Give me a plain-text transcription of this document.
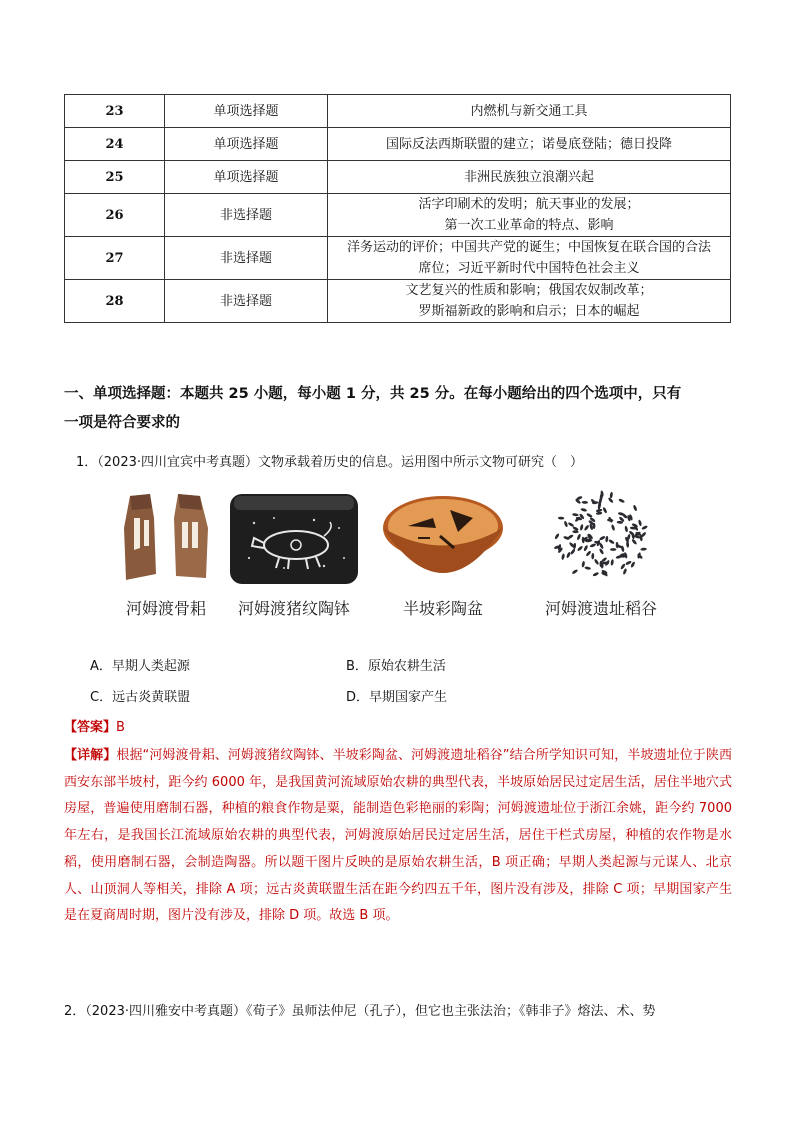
23	单项选择题	内燃机与新交通工具

24	单项选择题	国际反法西斯联盟的建立；诺曼底登陆；德日投降

25	单项选择题	非洲民族独立浪潮兴起

26	非选择题	活字印刷术的发明；航天事业的发展；
第一次工业革命的特点、影响

27	非选择题	洋务运动的评价；中国共产党的诞生；中国恢复在联合国的合法
席位；习近平新时代中国特色社会主义

28	非选择题	文艺复兴的性质和影响；俄国农奴制改革；
罗斯福新政的影响和启示；日本的崛起
一、单项选择题：本题共 25 小题，每小题 1 分，共 25 分。在每小题给出的四个选项中，只有
一项是符合要求的
1．（2023·四川宜宾中考真题）文物承载着历史的信息。运用图中所示文物可研究（　）
河姆渡骨耜	河姆渡猪纹陶钵	半坡彩陶盆	河姆渡遗址稻谷
A．早期人类起源	B．原始农耕生活
C．远古炎黄联盟	D．早期国家产生
【答案】B
【详解】根据“河姆渡骨耜、河姆渡猪纹陶钵、半坡彩陶盆、河姆渡遗址稻谷”结合所学知识可知，半坡遗址位于陕西西安东部半坡村，距今约 6000 年，是我国黄河流域原始农耕的典型代表，半坡原始居民过定居生活，居住半地穴式房屋，普遍使用磨制石器，种植的粮食作物是粟，能制造色彩艳丽的彩陶；河姆渡遗址位于浙江余姚，距今约 7000 年左右，是我国长江流域原始农耕的典型代表，河姆渡原始居民过定居生活，居住干栏式房屋，种植的农作物是水稻，使用磨制石器，会制造陶器。所以题干图片反映的是原始农耕生活，B 项正确；早期人类起源与元谋人、北京人、山顶洞人等相关，排除 A 项；远古炎黄联盟生活在距今约四五千年，图片没有涉及，排除 C 项；早期国家产生是在夏商周时期，图片没有涉及，排除 D 项。故选 B 项。
2．（2023·四川雅安中考真题）《荀子》虽师法仲尼（孔子），但它也主张法治；《韩非子》熔法、术、势
